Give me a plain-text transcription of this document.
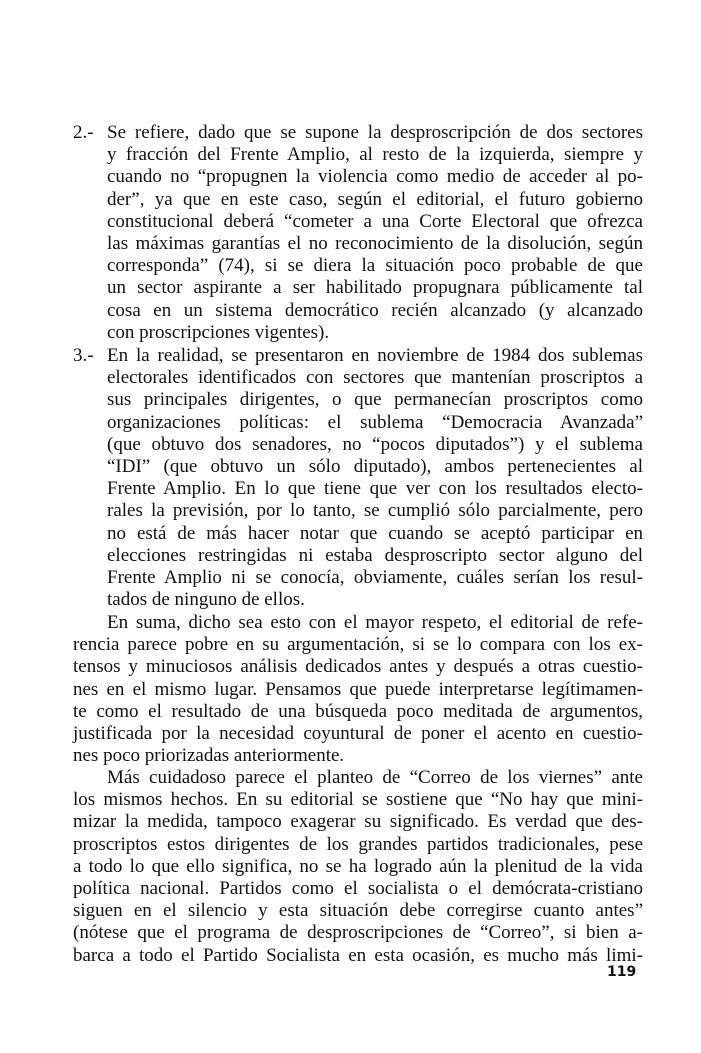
2.- Se refiere, dado que se supone la desproscripción de dos sectores
y fracción del Frente Amplio, al resto de la izquierda, siempre y
cuando no “propugnen la violencia como medio de acceder al po-
der”, ya que en este caso, según el editorial, el futuro gobierno
constitucional deberá “cometer a una Corte Electoral que ofrezca
las máximas garantías el no reconocimiento de la disolución, según
corresponda” (74), si se diera la situación poco probable de que
un sector aspirante a ser habilitado propugnara públicamente tal
cosa en un sistema democrático recién alcanzado (y alcanzado
con proscripciones vigentes).
3.- En la realidad, se presentaron en noviembre de 1984 dos sublemas
electorales identificados con sectores que mantenían proscriptos a
sus principales dirigentes, o que permanecían proscriptos como
organizaciones políticas: el sublema “Democracia Avanzada”
(que obtuvo dos senadores, no “pocos diputados”) y el sublema
“IDI” (que obtuvo un sólo diputado), ambos pertenecientes al
Frente Amplio. En lo que tiene que ver con los resultados electo-
rales la previsión, por lo tanto, se cumplió sólo parcialmente, pero
no está de más hacer notar que cuando se aceptó participar en
elecciones restringidas ni estaba desproscripto sector alguno del
Frente Amplio ni se conocía, obviamente, cuáles serían los resul-
tados de ninguno de ellos.
En suma, dicho sea esto con el mayor respeto, el editorial de refe-
rencia parece pobre en su argumentación, si se lo compara con los ex-
tensos y minuciosos análisis dedicados antes y después a otras cuestio-
nes en el mismo lugar. Pensamos que puede interpretarse legítimamen-
te como el resultado de una búsqueda poco meditada de argumentos,
justificada por la necesidad coyuntural de poner el acento en cuestio-
nes poco priorizadas anteriormente.
Más cuidadoso parece el planteo de “Correo de los viernes” ante
los mismos hechos. En su editorial se sostiene que “No hay que mini-
mizar la medida, tampoco exagerar su significado. Es verdad que des-
proscriptos estos dirigentes de los grandes partidos tradicionales, pese
a todo lo que ello significa, no se ha logrado aún la plenitud de la vida
política nacional. Partidos como el socialista o el demócrata-cristiano
siguen en el silencio y esta situación debe corregirse cuanto antes”
(nótese que el programa de desproscripciones de “Correo”, si bien a-
barca a todo el Partido Socialista en esta ocasión, es mucho más limi-
119
